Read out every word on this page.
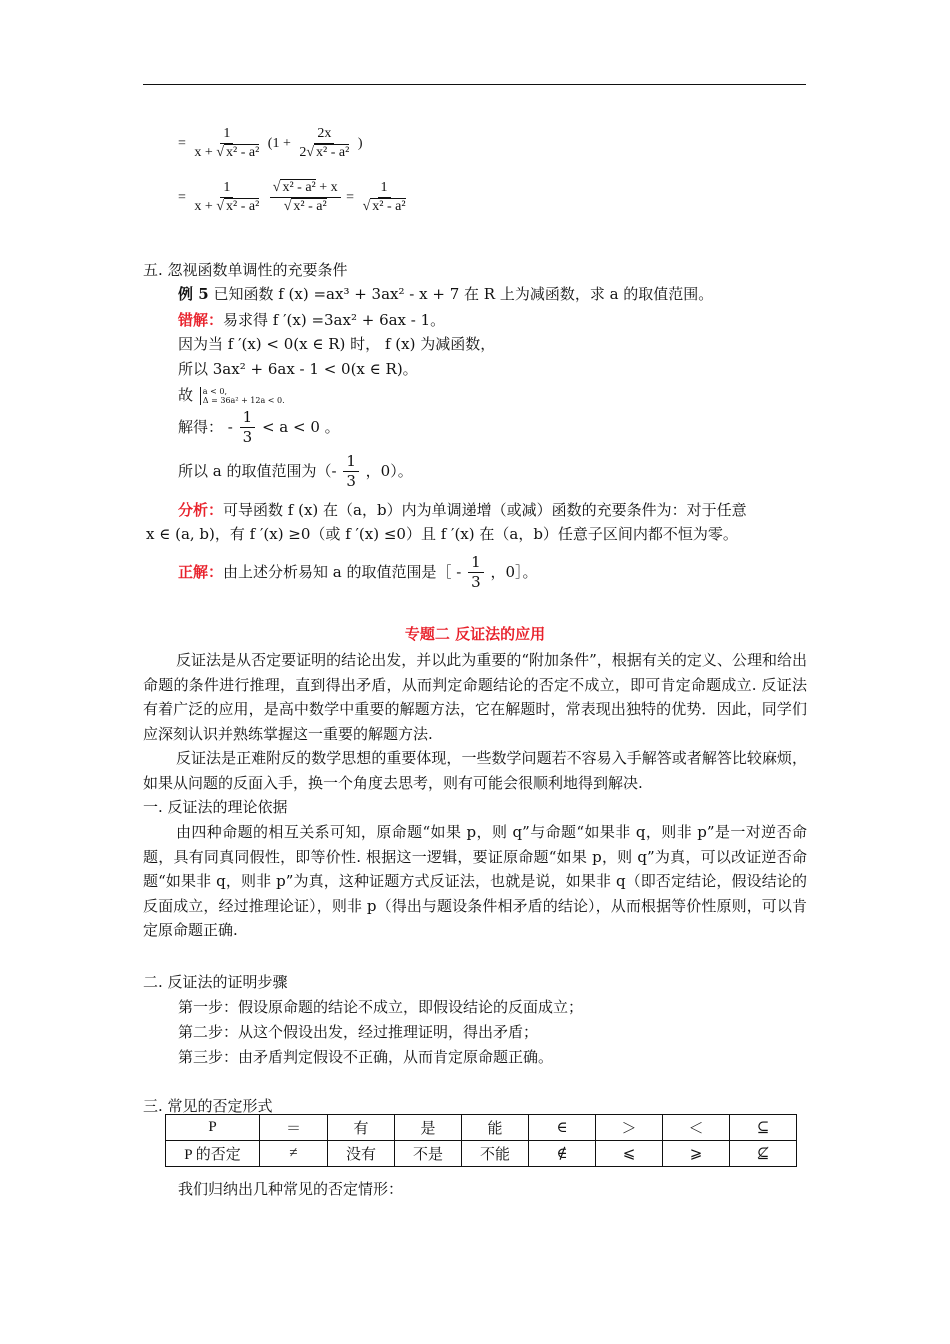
= $\frac{1}{\text{x + √ x² - a²}} (1 + \frac{2x}{\text{2√ x² - a²}}$ )
= $\frac{1}{\text{x + √ x² - a²}}$
$\frac{\text{√ x² - a² + x}}{\text{√ x² - a²}} = \frac{1}{\text{√ x² - a²}}$
五. 忽视函数单调性的充要条件
例 5 已知函数 f (x) =ax³ + 3ax² - x + 7 在 R 上为减函数，求 a 的取值范围。
错解：易求得 f ′(x) =3ax² + 6ax - 1。
因为当 f ′(x) < 0(x ∈ R) 时， f (x) 为减函数，
所以 3ax² + 6ax - 1 < 0(x ∈ R)。
故 a < 0,
Δ = 36a² + 12a < 0.
解得： - $\frac{1}{3} < a < 0$ 。
所以 a 的取值范围为（- $\frac{1}{3}$ ，0）。
分析：可导函数 f (x) 在（a，b）内为单调递增（或减）函数的充要条件为：对于任意
x ∈ (a, b)，有 f ′(x) ≥0（或 f ′(x) ≤0）且 f ′(x) 在（a，b）任意子区间内都不恒为零。
正解：由上述分析易知 a 的取值范围是［ - $\frac{1}{3}$ ，0］。
专题二 反证法的应用
反证法是从否定要证明的结论出发，并以此为重要的“附加条件”，根据有关的定义、公理和给出命题的条件进行推理，直到得出矛盾，从而判定命题结论的否定不成立，即可肯定命题成立. 反证法有着广泛的应用，是高中数学中重要的解题方法，它在解题时，常表现出独特的优势．因此，同学们应深刻认识并熟练掌握这一重要的解题方法.
反证法是正难附反的数学思想的重要体现，一些数学问题若不容易入手解答或者解答比较麻烦，如果从问题的反面入手，换一个角度去思考，则有可能会很顺利地得到解决.
一. 反证法的理论依据
由四种命题的相互关系可知，原命题“如果 p，则 q”与命题“如果非 q，则非 p”是一对逆否命题，具有同真同假性，即等价性. 根据这一逻辑，要证原命题“如果 p，则 q”为真，可以改证逆否命题“如果非 q，则非 p”为真，这种证题方式反证法，也就是说，如果非 q（即否定结论，假设结论的反面成立，经过推理论证），则非 p（得出与题设条件相矛盾的结论），从而根据等价性原则，可以肯定原命题正确.
二. 反证法的证明步骤
第一步：假设原命题的结论不成立，即假设结论的反面成立；
第二步：从这个假设出发，经过推理证明，得出矛盾；
第三步：由矛盾判定假设不正确，从而肯定原命题正确。
三. 常见的否定形式
P	＝	有	是	能	∈	＞	＜	⊆
P 的否定	≠	没有	不是	不能	∉	⩽	⩾	⊈
我们归纳出几种常见的否定情形：
